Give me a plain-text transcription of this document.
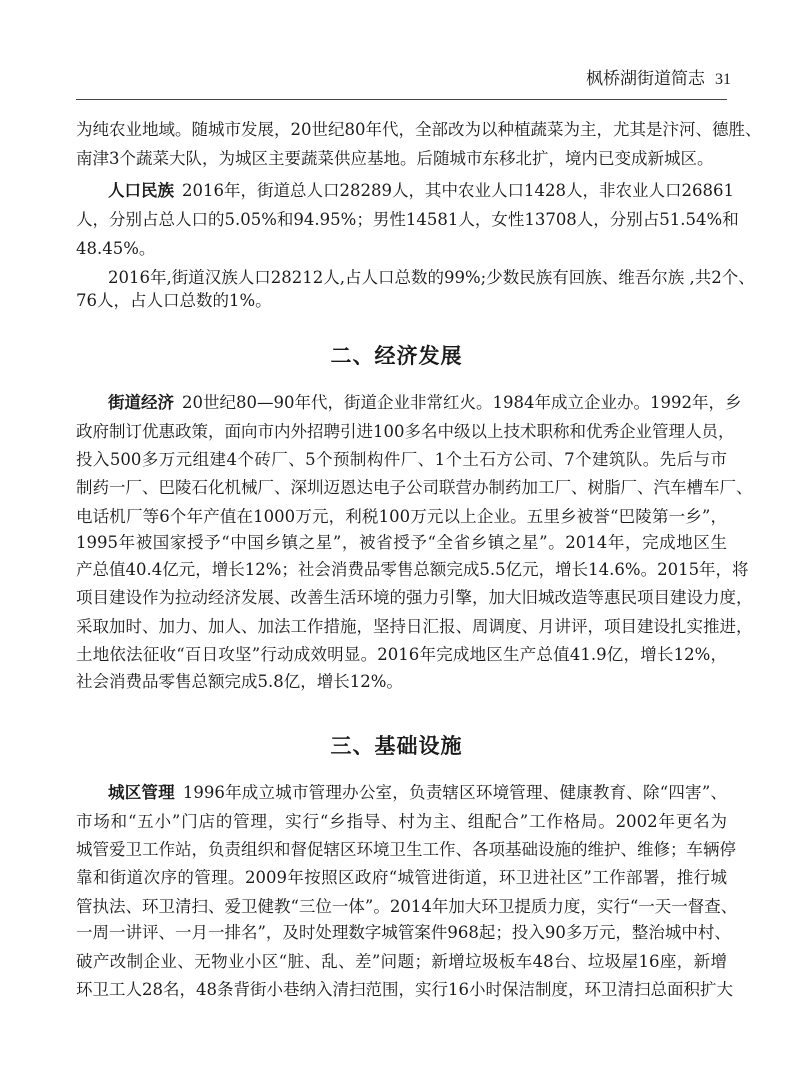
枫桥湖街道简志 31
为纯农业地域。随城市发展，20世纪80年代，全部改为以种植蔬菜为主，尤其是汴河、德胜、
南津3个蔬菜大队，为城区主要蔬菜供应基地。后随城市东移北扩，境内已变成新城区。
人口民族 2016年，街道总人口28289人，其中农业人口1428人，非农业人口26861
人，分别占总人口的5.05%和94.95%；男性14581人，女性13708人，分别占51.54%和
48.45%。
2016年,街道汉族人口28212人,占人口总数的99%;少数民族有回族、维吾尔族 ,共2个、
76人，占人口总数的1%。
二、经济发展
街道经济 20世纪80—90年代，街道企业非常红火。1984年成立企业办。1992年，乡
政府制订优惠政策，面向市内外招聘引进100多名中级以上技术职称和优秀企业管理人员，
投入500多万元组建4个砖厂、5个预制构件厂、1个土石方公司、7个建筑队。先后与市
制药一厂、巴陵石化机械厂、深圳迈恩达电子公司联营办制药加工厂、树脂厂、汽车槽车厂、
电话机厂等6个年产值在1000万元，利税100万元以上企业。五里乡被誉“巴陵第一乡”，
1995年被国家授予“中国乡镇之星”，被省授予“全省乡镇之星”。2014年，完成地区生
产总值40.4亿元，增长12%；社会消费品零售总额完成5.5亿元，增长14.6%。2015年，将
项目建设作为拉动经济发展、改善生活环境的强力引擎，加大旧城改造等惠民项目建设力度，
采取加时、加力、加人、加法工作措施，坚持日汇报、周调度、月讲评，项目建设扎实推进，
土地依法征收“百日攻坚”行动成效明显。2016年完成地区生产总值41.9亿，增长12%，
社会消费品零售总额完成5.8亿，增长12%。
三、基础设施
城区管理 1996年成立城市管理办公室，负责辖区环境管理、健康教育、除“四害”、
市场和“五小”门店的管理，实行“乡指导、村为主、组配合”工作格局。2002年更名为
城管爱卫工作站，负责组织和督促辖区环境卫生工作、各项基础设施的维护、维修；车辆停
靠和街道次序的管理。2009年按照区政府“城管进街道，环卫进社区”工作部署，推行城
管执法、环卫清扫、爱卫健教“三位一体”。2014年加大环卫提质力度，实行“一天一督查、
一周一讲评、一月一排名”，及时处理数字城管案件968起；投入90多万元，整治城中村、
破产改制企业、无物业小区“脏、乱、差”问题；新增垃圾板车48台、垃圾屋16座，新增
环卫工人28名，48条背街小巷纳入清扫范围，实行16小时保洁制度，环卫清扫总面积扩大
